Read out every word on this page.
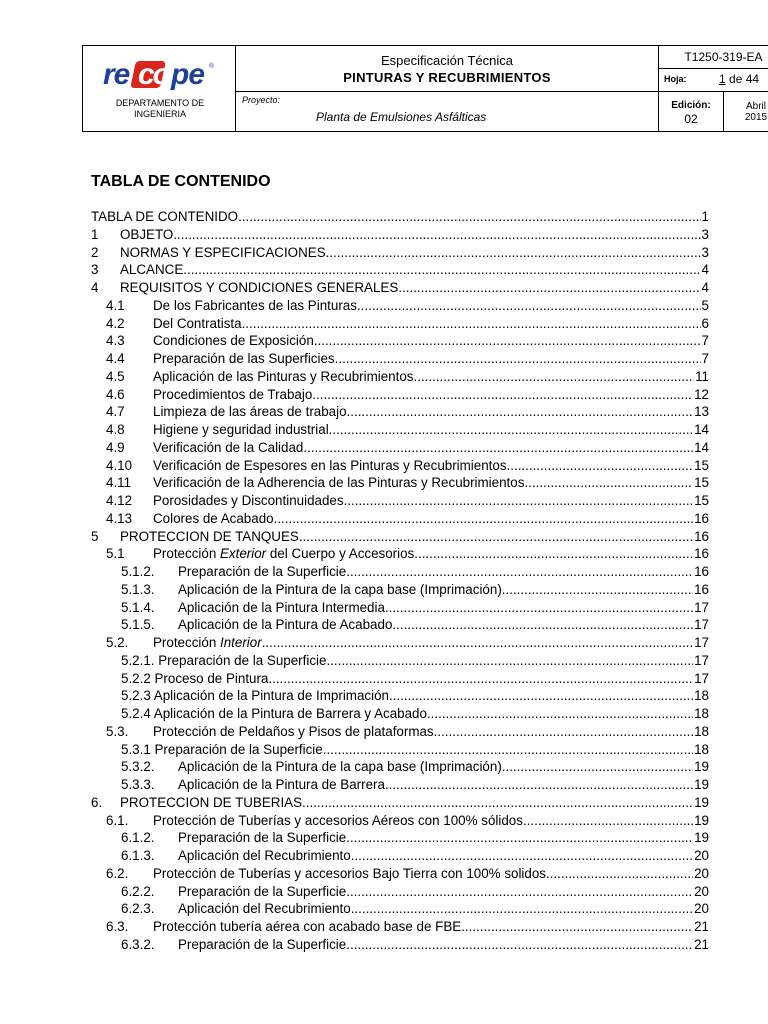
re co pe ®
DEPARTAMENTO DE
INGENIERIA
Especificación Técnica
PINTURAS Y RECUBRIMIENTOS
Proyecto:
Planta de Emulsiones Asfálticas
T1250-319-EA
Hoja:	1 de 44
Edición:
02
Abril
2015
TABLA DE CONTENIDO
TABLA DE CONTENIDO .....	1
1	OBJETO .....	3
2	NORMAS Y ESPECIFICACIONES .....	3
3	ALCANCE .....	4
4	REQUISITOS Y CONDICIONES GENERALES .....	4
4.1	De los Fabricantes de las Pinturas .....	5
4.2	Del Contratista .....	6
4.3	Condiciones de Exposición .....	7
4.4	Preparación de las Superficies .....	7
4.5	Aplicación de las Pinturas y Recubrimientos .....	11
4.6	Procedimientos de Trabajo .....	12
4.7	Limpieza de las áreas de trabajo. .....	13
4.8	Higiene y seguridad industrial .....	14
4.9	Verificación de la Calidad .....	14
4.10	Verificación de Espesores en las Pinturas y Recubrimientos .....	15
4.11	Verificación de la Adherencia de las Pinturas y Recubrimientos .....	15
4.12	Porosidades y Discontinuidades .....	15
4.13	Colores de Acabado .....	16
5	PROTECCION DE TANQUES .....	16
5.1	Protección Exterior del Cuerpo y Accesorios .....	16
5.1.2.	Preparación de la Superficie .....	16
5.1.3.	Aplicación de la Pintura de la capa base (Imprimación) .....	16
5.1.4.	Aplicación de la Pintura Intermedia .....	17
5.1.5.	Aplicación de la Pintura de Acabado .....	17
5.2.	Protección Interior .....	17
5.2.1. Preparación de la Superficie .....	17
5.2.2 Proceso de Pintura .....	17
5.2.3 Aplicación de la Pintura de Imprimación .....	18
5.2.4 Aplicación de la Pintura de Barrera y Acabado .....	18
5.3.	Protección de Peldaños y Pisos de plataformas .....	18
5.3.1 Preparación de la Superficie .....	18
5.3.2.	Aplicación de la Pintura de la capa base (Imprimación) .....	19
5.3.3.	Aplicación de la Pintura de Barrera .....	19
6.	PROTECCION DE TUBERIAS .....	19
6.1.	Protección de Tuberías y accesorios Aéreos con 100% sólidos .....	19
6.1.2.	Preparación de la Superficie .....	19
6.1.3.	Aplicación del Recubrimiento .....	20
6.2.	Protección de Tuberías y accesorios Bajo Tierra con 100% solidos. .....	20
6.2.2.	Preparación de la Superficie .....	20
6.2.3.	Aplicación del Recubrimiento .....	20
6.3.	Protección tubería aérea con acabado base de FBE. .....	21
6.3.2.	Preparación de la Superficie .....	21
